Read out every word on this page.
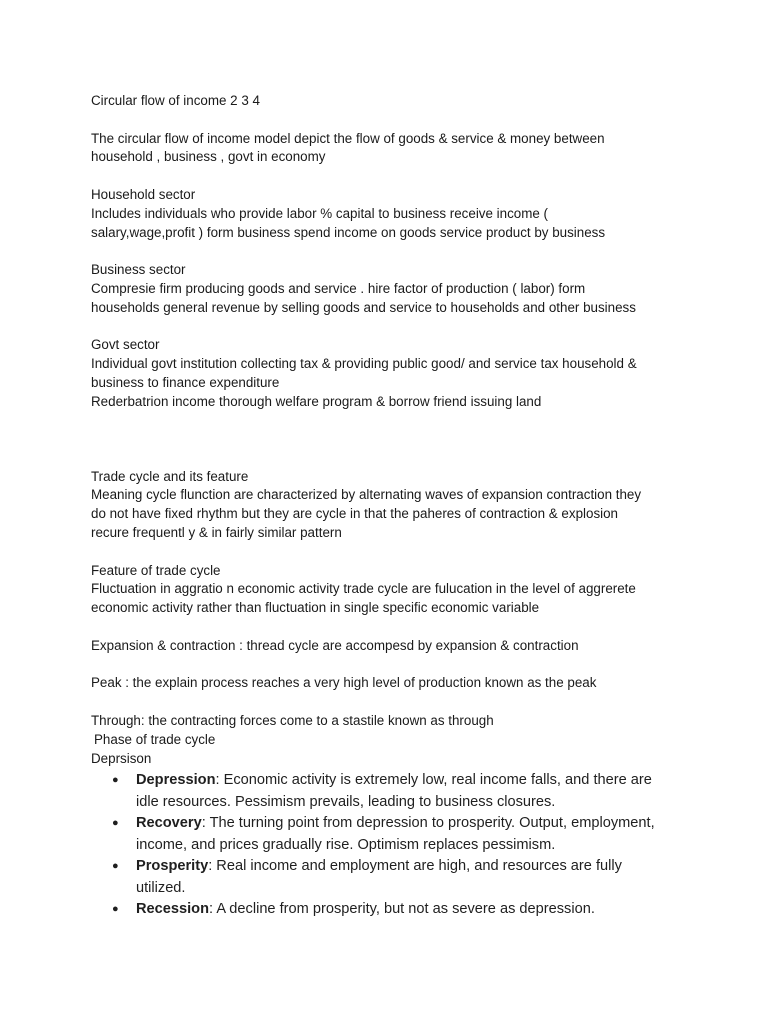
Circular flow of income 2 3 4

The circular flow of income model depict the flow of goods & service & money between

household , business , govt in economy

Household sector

Includes individuals who provide labor % capital to business receive income (

salary,wage,profit ) form business spend income on goods service product by business

Business sector

Compresie firm producing goods and service . hire factor of production ( labor) form

households general revenue by selling goods and service to households and other business

Govt sector

Individual govt institution collecting tax & providing public good/ and service tax household &

business to finance expenditure

Rederbatrion income thorough welfare program & borrow friend issuing land

Trade cycle and its feature

Meaning cycle flunction are characterized by alternating waves of expansion contraction they

do not have fixed rhythm but they are cycle in that the paheres of contraction & explosion

recure frequentl y & in fairly similar pattern

Feature of trade cycle

Fluctuation in aggratio n economic activity trade cycle are fulucation in the level of aggrerete

economic activity rather than fluctuation in single specific economic variable

Expansion & contraction : thread cycle are accompesd by expansion & contraction

Peak : the explain process reaches a very high level of production known as the peak

Through: the contracting forces come to a stastile known as through

Phase of trade cycle

Deprsison

● Depression: Economic activity is extremely low, real income falls, and there are
idle resources. Pessimism prevails, leading to business closures.
● Recovery: The turning point from depression to prosperity. Output, employment,
income, and prices gradually rise. Optimism replaces pessimism.
● Prosperity: Real income and employment are high, and resources are fully
utilized.
● Recession: A decline from prosperity, but not as severe as depression.
